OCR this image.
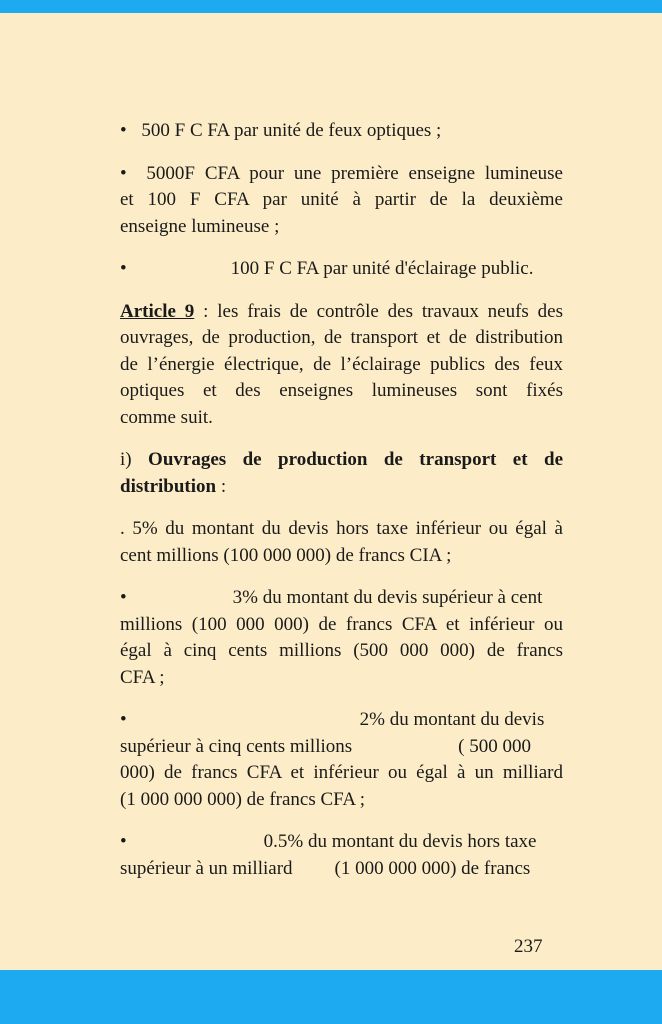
• 500 F C FA par unité de feux optiques ;

• 5000F CFA pour une première enseigne lumineuse
et 100 F CFA par unité à partir de la deuxième
enseigne lumineuse ;

•	100 F C FA par unité d'éclairage public.

Article 9 : les frais de contrôle des travaux neufs des
ouvrages, de production, de transport et de distribution
de l’énergie électrique, de l’éclairage publics des feux
optiques et des enseignes lumineuses sont fixés
comme suit.

i) Ouvrages de production de transport et de
distribution :

. 5% du montant du devis hors taxe inférieur ou égal à
cent millions (100 000 000) de francs CIA ;

•	3% du montant du devis supérieur à cent
millions (100 000 000) de francs CFA et inférieur ou
égal à cinq cents millions (500 000 000) de francs
CFA ;

•	2% du montant du devis
supérieur à cinq cents millions	( 500 000
000) de francs CFA et inférieur ou égal à un milliard
(1 000 000 000) de francs CFA ;

•	0.5% du montant du devis hors taxe
supérieur à un milliard (1 000 000 000) de francs

237
